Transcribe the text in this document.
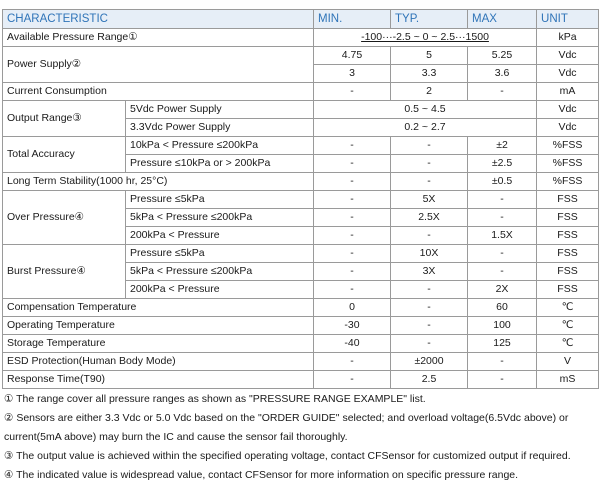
CHARACTERISTIC		MIN.	TYP.	MAX	UNIT
Available Pressure Range①		-100···-2.5 ~ 0 ~ 2.5···1500			kPa
Power Supply②		4.75	5	5.25	Vdc
		3	3.3	3.6	Vdc
Current Consumption		-	2	-	mA
Output Range③	5Vdc Power Supply	0.5 ~ 4.5			Vdc
	3.3Vdc Power Supply	0.2 ~ 2.7			Vdc
Total Accuracy	10kPa < Pressure ≤200kPa	-	-	±2	%FSS
	Pressure ≤10kPa or > 200kPa	-	-	±2.5	%FSS
Long Term Stability(1000 hr, 25°C)		-	-	±0.5	%FSS
Over Pressure④	Pressure ≤5kPa	-	5X	-	FSS
	5kPa < Pressure ≤200kPa	-	2.5X	-	FSS
	200kPa < Pressure	-	-	1.5X	FSS
Burst Pressure④	Pressure ≤5kPa	-	10X	-	FSS
	5kPa < Pressure ≤200kPa	-	3X	-	FSS
	200kPa < Pressure	-	-	2X	FSS
Compensation Temperature		0	-	60	℃
Operating Temperature		-30	-	100	℃
Storage Temperature		-40	-	125	℃
ESD Protection(Human Body Mode)		-	±2000	-	V
Response Time(T90)		-	2.5	-	mS

① The range cover all pressure ranges as shown as "PRESSURE RANGE EXAMPLE" list.

② Sensors are either 3.3 Vdc or 5.0 Vdc based on the "ORDER GUIDE" selected; and overload voltage(6.5Vdc above) or

current(5mA above) may burn the IC and cause the sensor fail thoroughly.

③ The output value is achieved within the specified operating voltage, contact CFSensor for customized output if required.

④ The indicated value is widespread value, contact CFSensor for more information on specific pressure range.
